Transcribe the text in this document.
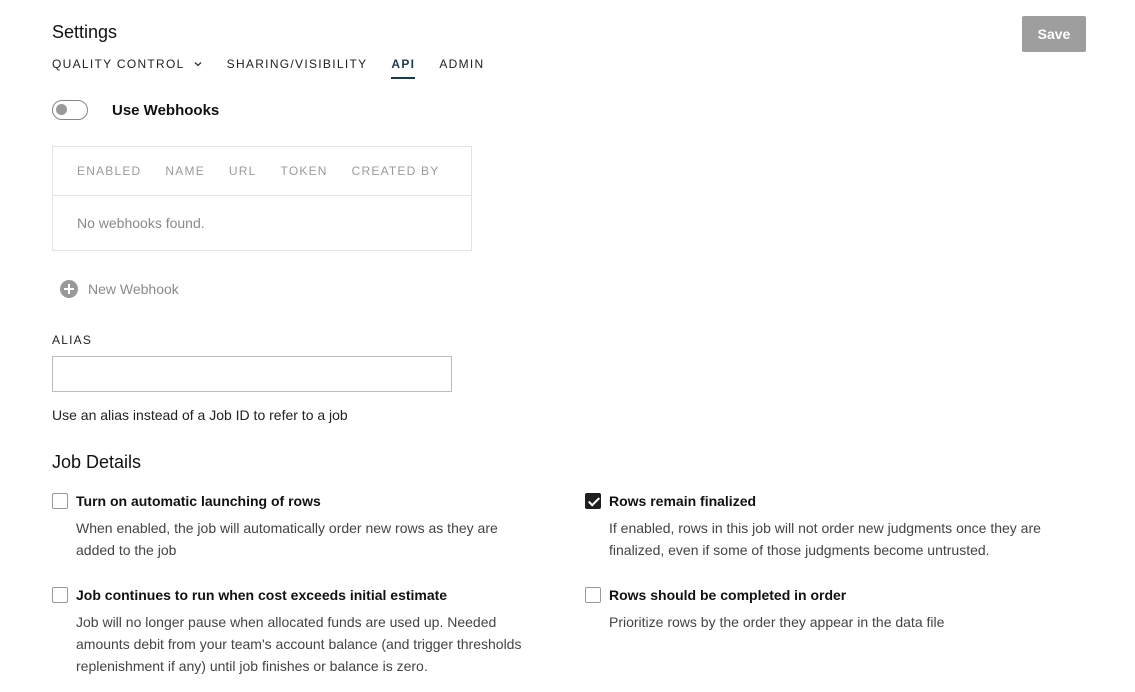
Settings	Save
QUALITY CONTROL	SHARING/VISIBILITY API ADMIN
Use Webhooks
ENABLED NAME URL TOKEN CREATED BY
No webhooks found.
New Webhook
ALIAS
Use an alias instead of a Job ID to refer to a job
Job Details
Turn on automatic launching of rows
When enabled, the job will automatically order new rows as they are added to the job
Rows remain finalized
If enabled, rows in this job will not order new judgments once they are finalized, even if some of those judgments become untrusted.
Job continues to run when cost exceeds initial estimate
Job will no longer pause when allocated funds are used up. Needed amounts debit from your team's account balance (and trigger thresholds replenishment if any) until job finishes or balance is zero.
Rows should be completed in order
Prioritize rows by the order they appear in the data file
